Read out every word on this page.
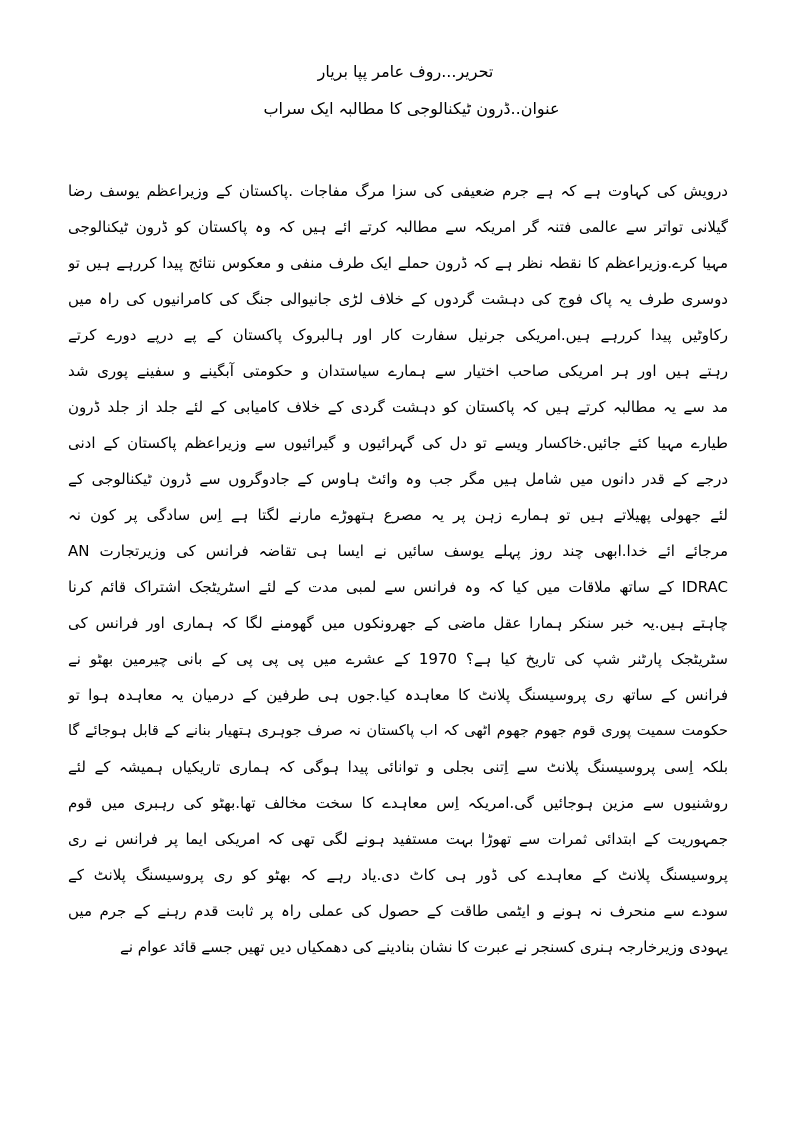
تحریر...روف عامر پپا بریار
عنوان..ڈرون ٹیکنالوجی کا مطالبہ ایک سراب
درویش کی کہاوت ہے کہ ہے جرم ضعیفی کی سزا مرگ مفاجات .پاکستان کے وزیراعظم یوسف رضا
گیلانی تواتر سے عالمی فتنہ گر امریکہ سے مطالبہ کرتے ائے ہیں کہ وہ پاکستان کو ڈرون ٹیکنالوجی
مہیا کرے.وزیراعظم کا نقطہ نظر ہے کہ ڈرون حملے ایک طرف منفی و معکوس نتائج پیدا کررہے ہیں تو
دوسری طرف یہ پاک فوج کی دہشت گردوں کے خلاف لڑی جانیوالی جنگ کی کامرانیوں کی راہ میں
رکاوٹیں پیدا کررہے ہیں.امریکی جرنیل سفارت کار اور ہالبروک پاکستان کے پے درپے دورے کرتے
رہتے ہیں اور ہر امریکی صاحب اختیار سے ہمارے سیاستدان و حکومتی آبگینے و سفینے پوری شد
مد سے یہ مطالبہ کرتے ہیں کہ پاکستان کو دہشت گردی کے خلاف کامیابی کے لئے جلد از جلد ڈرون
طیارے مہیا کئے جائیں.خاکسار ویسے تو دل کی گہرائیوں و گیرائیوں سے وزیراعظم پاکستان کے ادنی
درجے کے قدر دانوں میں شامل ہیں مگر جب وہ وائٹ ہاوس کے جادوگروں سے ڈرون ٹیکنالوجی کے
لئے جھولی پھیلاتے ہیں تو ہمارے زہن پر یہ مصرع ہتھوڑے مارنے لگتا ہے اِس سادگی پر کون نہ
مرجائے ائے خدا.ابھی چند روز پہلے یوسف سائیں نے ایسا ہی تقاضہ فرانس کی وزیرتجارت AN
IDRAC کے ساتھ ملاقات میں کیا کہ وہ فرانس سے لمبی مدت کے لئے اسٹریٹجک اشتراک قائم کرنا
چاہتے ہیں.یہ خبر سنکر ہمارا عقل ماضی کے جھرونکوں میں گھومنے لگا کہ ہماری اور فرانس کی
سٹریٹجک پارٹنر شپ کی تاریخ کیا ہے؟ 1970 کے عشرے میں پی پی پی کے بانی چیرمین بھٹو نے
فرانس کے ساتھ ری پروسیسنگ پلانٹ کا معاہدہ کیا.جوں ہی طرفین کے درمیان یہ معاہدہ ہوا تو
حکومت سمیت پوری قوم جھوم جھوم اٹھی کہ اب پاکستان نہ صرف جوہری ہتھیار بنانے کے قابل ہوجائے گا
بلکہ اِسی پروسیسنگ پلانٹ سے اِتنی بجلی و توانائی پیدا ہوگی کہ ہماری تاریکیاں ہمیشہ کے لئے
روشنیوں سے مزین ہوجائیں گی.امریکہ اِس معاہدے کا سخت مخالف تھا.بھٹو کی رہبری میں قوم
جمہوریت کے ابتدائی ثمرات سے تھوڑا بہت مستفید ہونے لگی تھی کہ امریکی ایما پر فرانس نے ری
پروسیسنگ پلانٹ کے معاہدے کی ڈور ہی کاٹ دی.یاد رہے کہ بھٹو کو ری پروسیسنگ پلانٹ کے
سودے سے منحرف نہ ہونے و ایٹمی طاقت کے حصول کی عملی راہ پر ثابت قدم رہنے کے جرم میں
یہودی وزیرخارجہ ہنری کسنجر نے عبرت کا نشان بنادینے کی دھمکیاں دیں تھیں جسے قائد عوام نے
